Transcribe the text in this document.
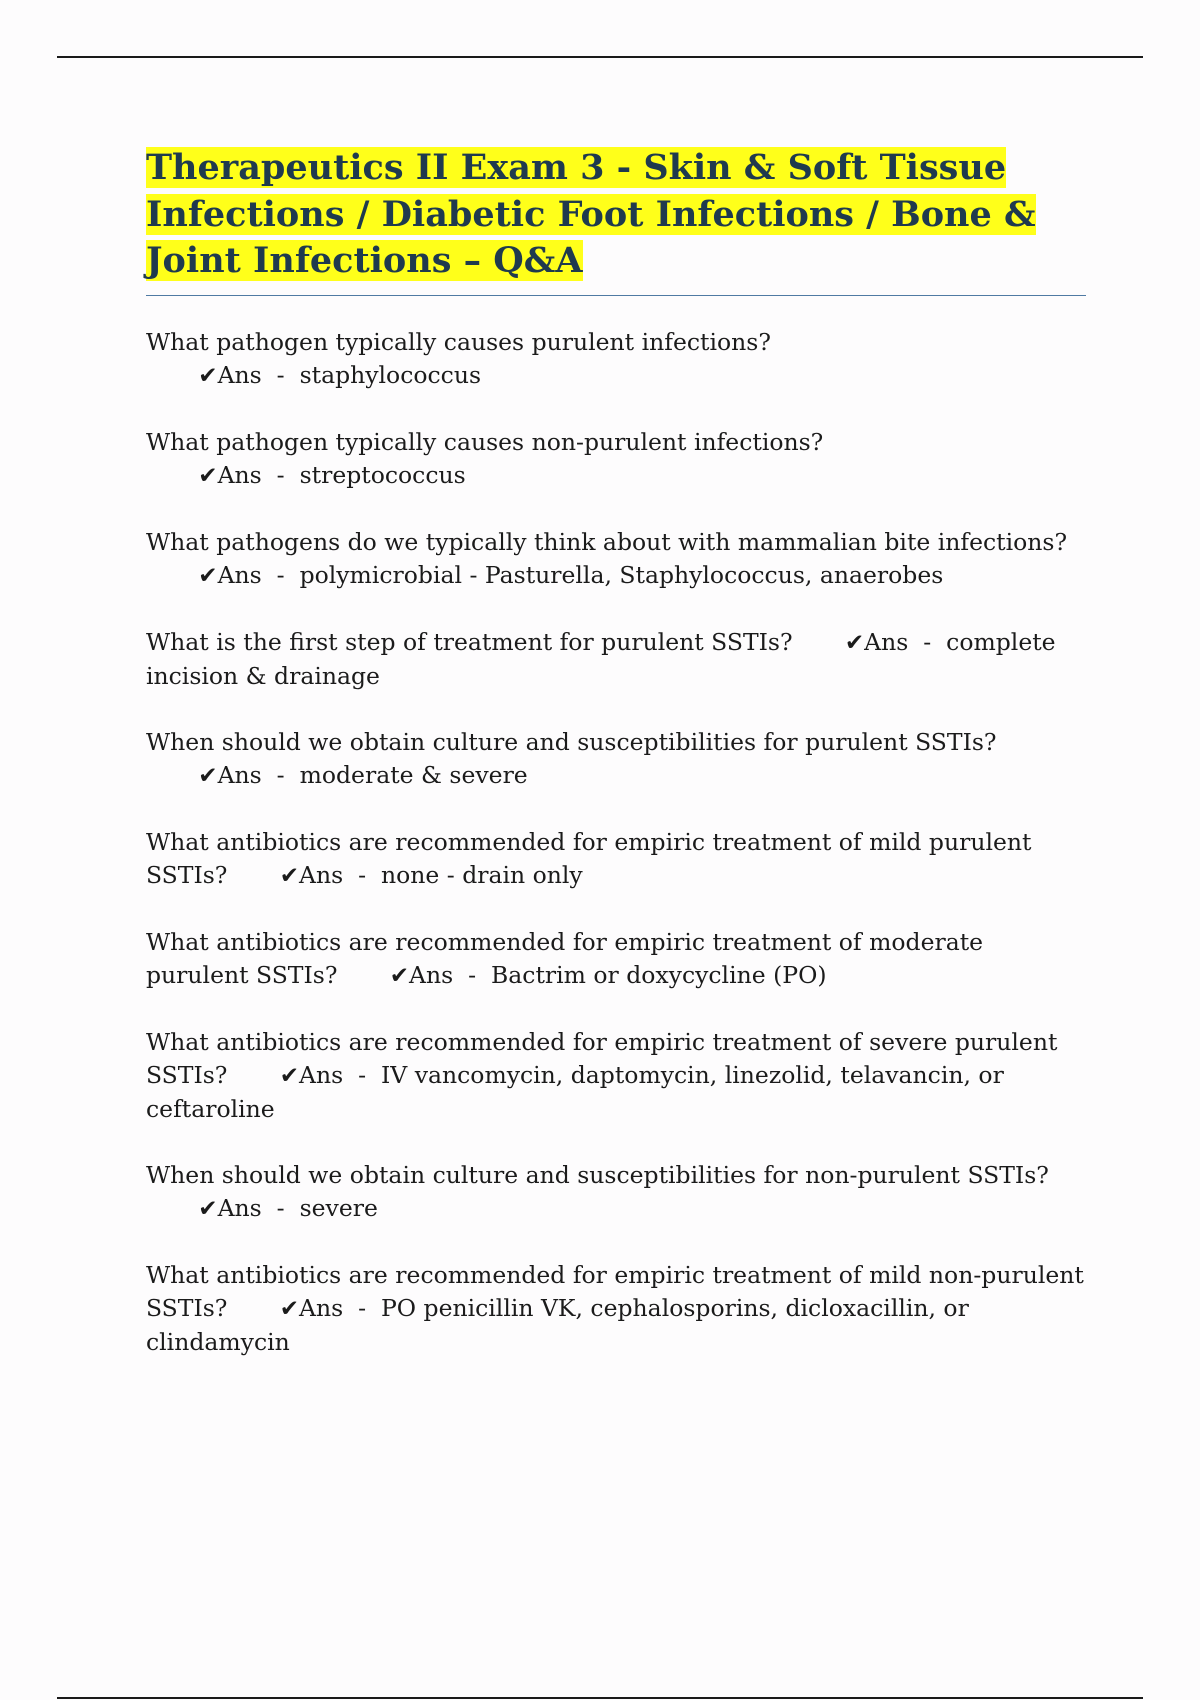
Therapeutics II Exam 3 - Skin & Soft Tissue Infections / Diabetic Foot Infections / Bone & Joint Infections – Q&A

What pathogen typically causes purulent infections?       ✔Ans  -  staphylococcus

What pathogen typically causes non-purulent infections?       ✔Ans  -  streptococcus

What pathogens do we typically think about with mammalian bite infections?       ✔Ans  -  polymicrobial - Pasturella, Staphylococcus, anaerobes

What is the first step of treatment for purulent SSTIs? ✔Ans  -  complete incision & drainage

When should we obtain culture and susceptibilities for purulent SSTIs?       ✔Ans  -  moderate & severe

What antibiotics are recommended for empiric treatment of mild purulent SSTIs? ✔Ans  -  none - drain only

What antibiotics are recommended for empiric treatment of moderate purulent SSTIs? ✔Ans  -  Bactrim or doxycycline (PO)

What antibiotics are recommended for empiric treatment of severe purulent SSTIs? ✔Ans  -  IV vancomycin, daptomycin, linezolid, telavancin, or ceftaroline

When should we obtain culture and susceptibilities for non-purulent SSTIs?       ✔Ans  -  severe

What antibiotics are recommended for empiric treatment of mild non-purulent SSTIs? ✔Ans  -  PO penicillin VK, cephalosporins, dicloxacillin, or clindamycin
